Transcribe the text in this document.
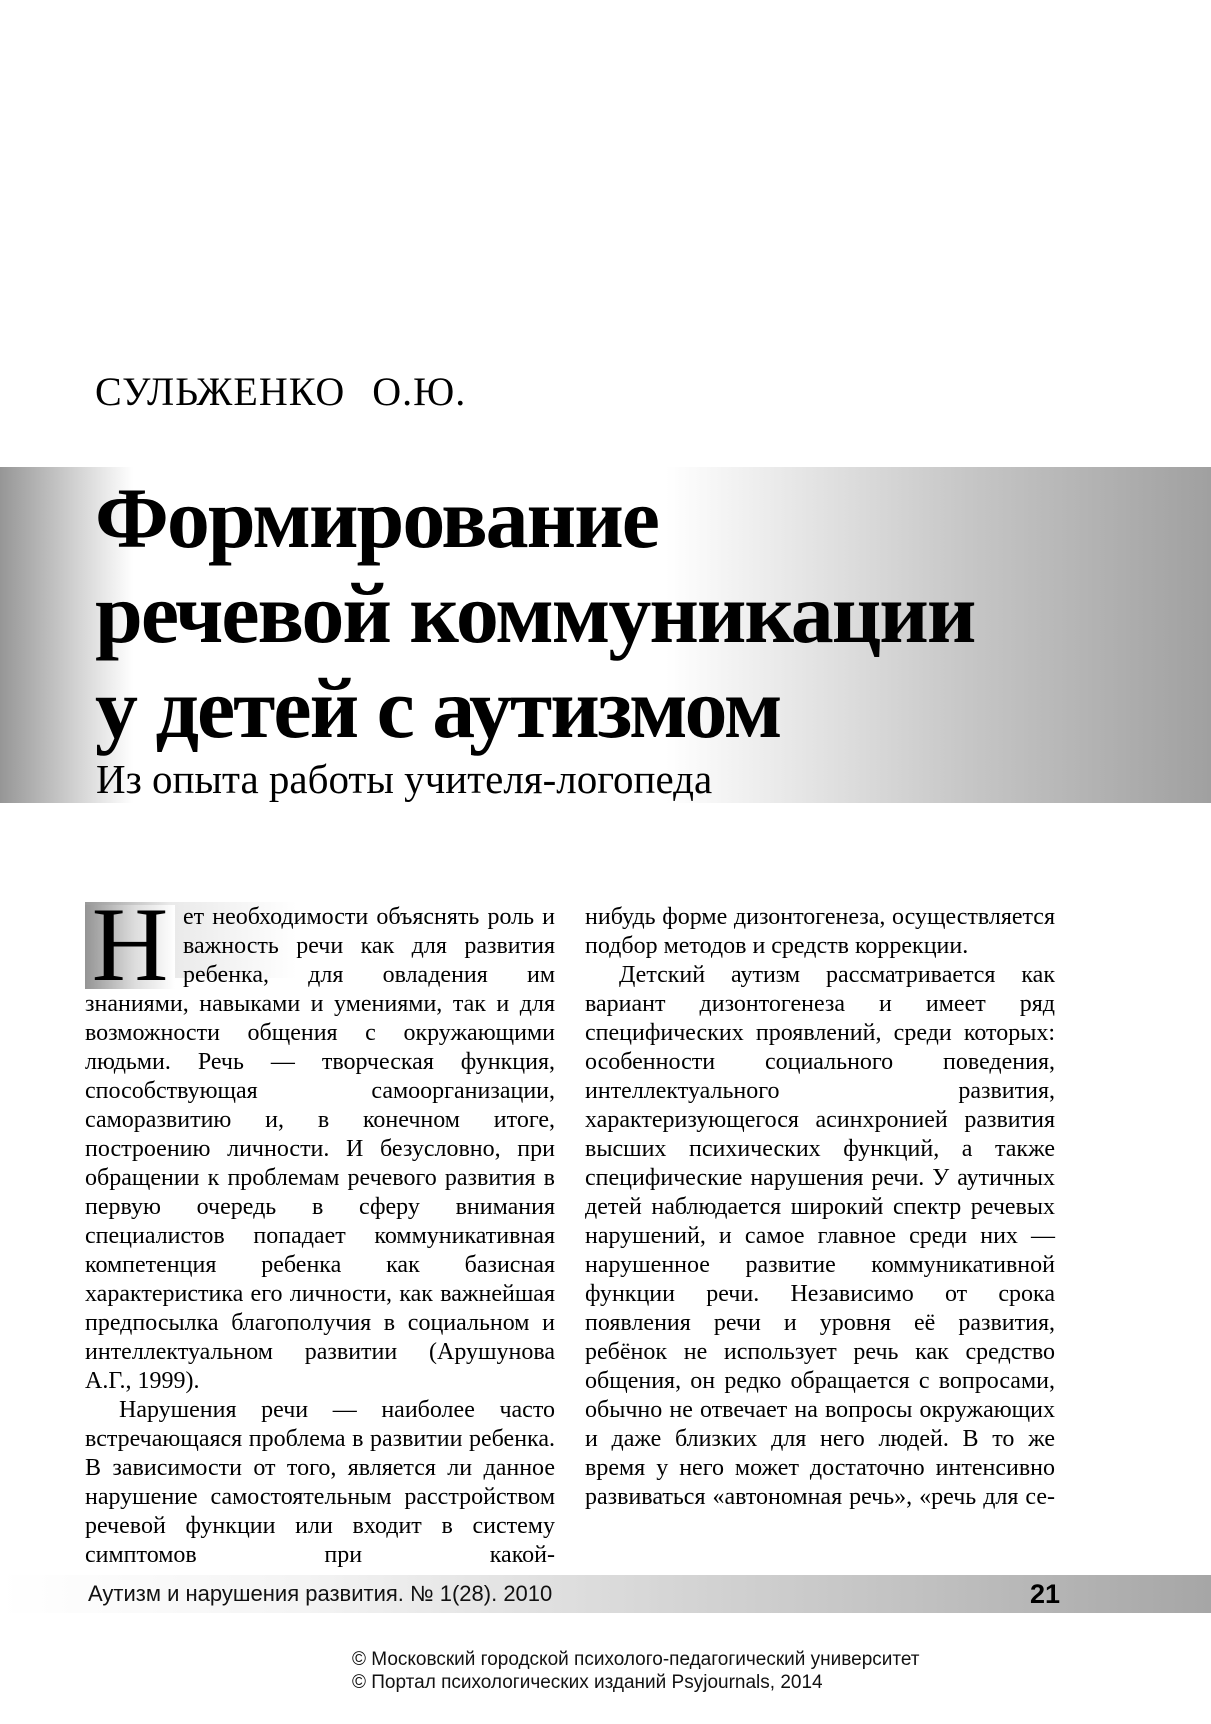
СУЛЬЖЕНКО О.Ю.
Формирование
речевой коммуникации
у детей с аутизмом
Из опыта работы учителя-логопеда

Н ет необходимости объяснять роль и важность речи как для развития ребенка, для овладения им знаниями, навыками и умениями, так и для возможности общения с окружающими людьми. Речь — творческая функция, способствующая самоорганизации, саморазвитию и, в конечном итоге, построению личности. И безусловно, при обращении к проблемам речевого развития в первую очередь в сферу внимания специалистов попадает коммуникативная компетенция ребенка как базисная характеристика его личности, как важнейшая предпосылка благополучия в социальном и интеллектуальном развитии (Арушунова А.Г., 1999).

Нарушения речи — наиболее часто встречающаяся проблема в развитии ребенка. В зависимости от того, является ли данное нарушение самостоятельным расстройством речевой функции или входит в систему симптомов при какой-

нибудь форме дизонтогенеза, осуществляется подбор методов и средств коррекции.

Детский аутизм рассматривается как вариант дизонтогенеза и имеет ряд специфических проявлений, среди которых: особенности социального поведения, интеллектуального развития, характеризующегося асинхронией развития высших психических функций, а также специфические нарушения речи. У аутичных детей наблюдается широкий спектр речевых нарушений, и самое главное среди них — нарушенное развитие коммуникативной функции речи. Независимо от срока появления речи и уровня её развития, ребёнок не использует речь как средство общения, он редко обращается с вопросами, обычно не отвечает на вопросы окружающих и даже близких для него людей. В то же время у него может достаточно интенсивно развиваться «автономная речь», «речь для се-

Аутизм и нарушения развития. № 1(28). 2010	21
© Московский городской психолого-педагогический университет
© Портал психологических изданий Psyjournals, 2014
